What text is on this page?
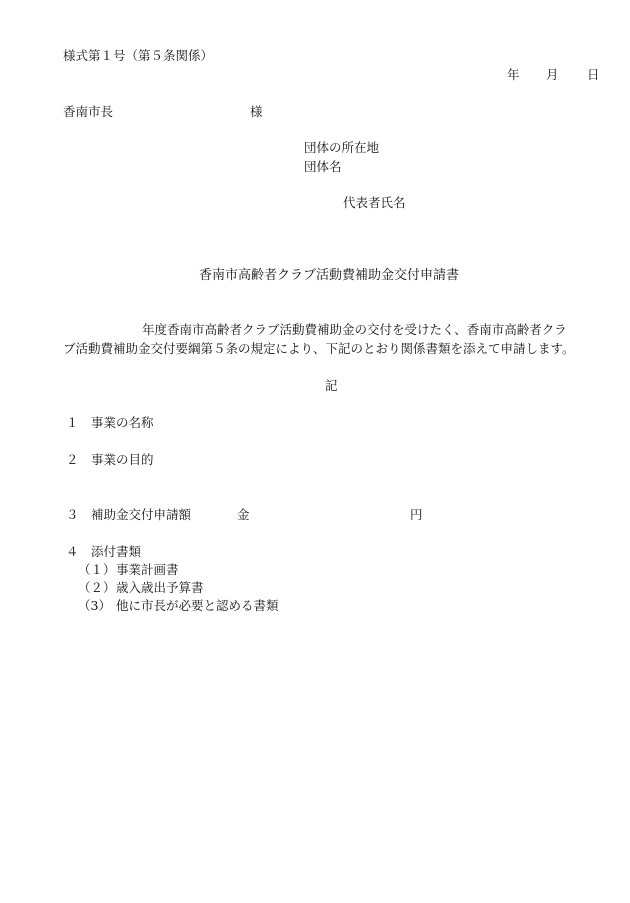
様式第１号（第５条関係）
年 月 日
香南市長	様
団体の所在地
団体名
代表者氏名
香南市高齢者クラブ活動費補助金交付申請書
年度香南市高齢者クラブ活動費補助金の交付を受けたく、香南市高齢者クラ
ブ活動費補助金交付要綱第５条の規定により、下記のとおり関係書類を添えて申請します。
記
１ 事業の名称
２ 事業の目的
３ 補助金交付申請額	金	円
４ 添付書類
（１） 事業計画書
（２） 歳入歳出予算書
（3） 他に市長が必要と認める書類
